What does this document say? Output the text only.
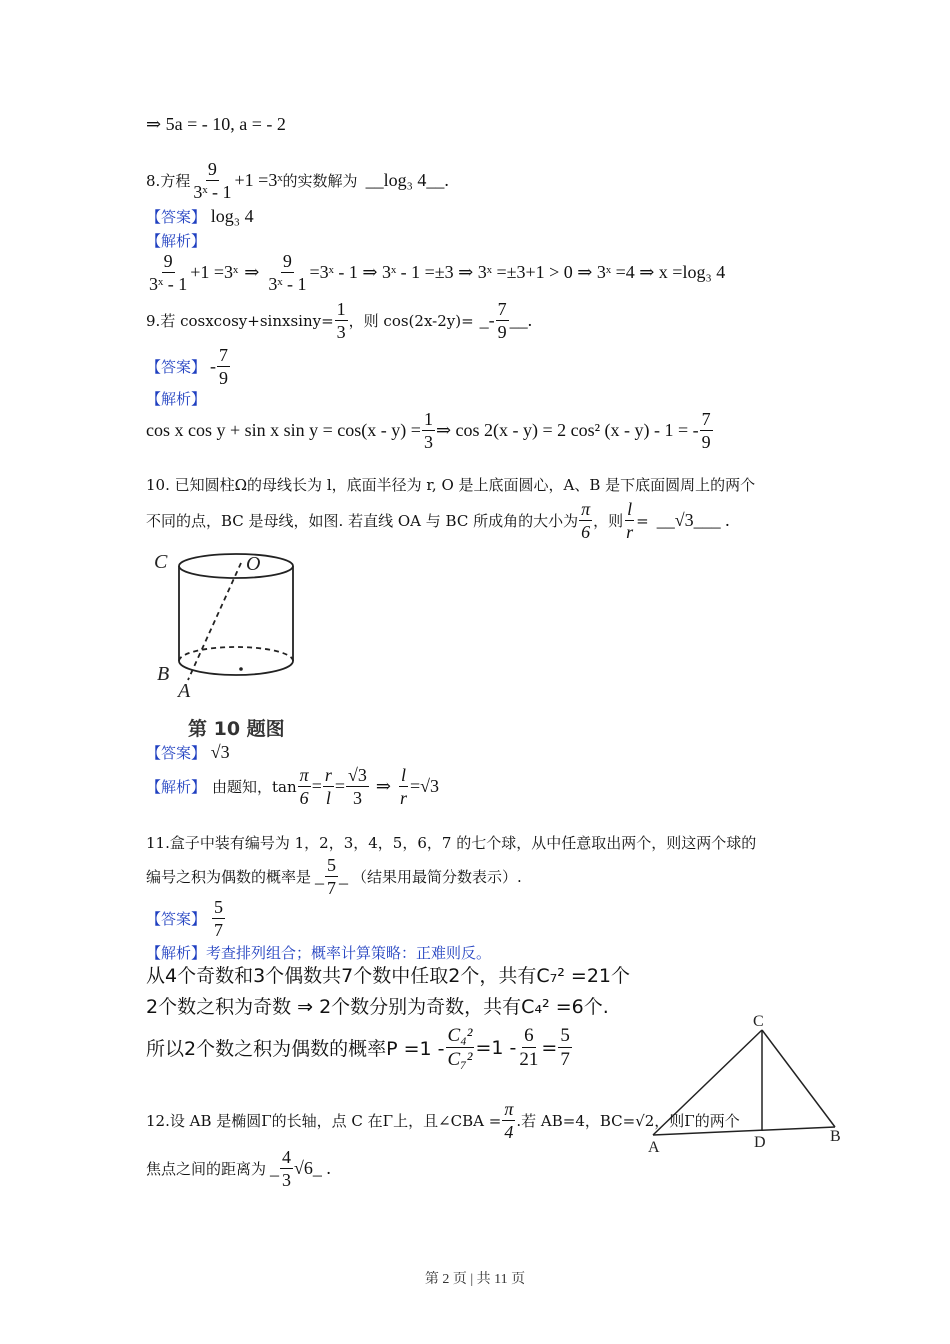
⇒ 5a = - 10, a = - 2
8. 方程 $\frac{9}{\text{3ˣ - 1}} +1$ =3ˣ 的实数解为 __ log₃ 4 __.
【答案】 log₃ 4
【解析】
$\frac{9}{\text{3ˣ - 1}} +1$ =3ˣ ⇒ $\frac{9}{\text{3ˣ - 1}}$ =3ˣ - 1 ⇒ 3ˣ - 1 =±3 ⇒ 3ˣ =±3+1 > 0 ⇒ 3ˣ =4 ⇒ x =log₃ 4
9. 若 cosxcosy+sinxsiny= $\frac{1}{3}$ ，则 cos(2x-2y)= _ - $\frac{7}{9}$ __.
【答案】 - $\frac{7}{9}$
【解析】
cos x cos y + sin x $\sin y = \cos(x - y) = \frac{1}{3}$ ⇒ cos 2(x - y) = 2 cos² (x - y) - 1 = - $\frac{7}{9}$
10. 已知圆柱Ω的母线长为 l，底面半径为 r, O 是上底面圆心，A、B 是下底面圆周上的两个
不同的点，BC 是母线，如图. 若直线 OA 与 BC 所成角的大小为 $\frac{\pi}{6}$ ，则 $\frac{l}{r}$ = __ √3 ___ .
C	O
B
A
第 10 题图
【答案】 √3
【解析】 由题知，$\tan \frac{\pi}{6} = \frac{r}{l} = \frac{√3}{3}$ ⇒ $\frac{l}{r} =√3$
11.盒子中装有编号为 1，2，3，4，5，6，7 的七个球，从中任意取出两个，则这两个球的
编号之积为偶数的概率是 _ $\frac{5}{7}$ _ （结果用最简分数表示）.
【答案】 $\frac{5}{7}$
【解析】考查排列组合；概率计算策略：正难则反。
从4个奇数和3个偶数共7个数中任取2个，共有C₇² =21个
2个数之积为奇数 ⇒ 2个数分别为奇数，共有C₄² =6个.
所以2个数之积为偶数的概率$P =1 - \frac{\text{C₄²}}{\text{C₇²}} =1 - \frac{6}{21} = \frac{5}{7}$
C
A	D	B
12.设 AB 是椭圆Γ的长轴，点 C 在Γ上，且∠CBA = $\frac{\pi}{4}$ .若 AB=4，BC=√2，则Γ的两个
焦点之间的距离为 _ $\frac{4}{3} √6$ _ .
第 2 页 | 共 11 页
